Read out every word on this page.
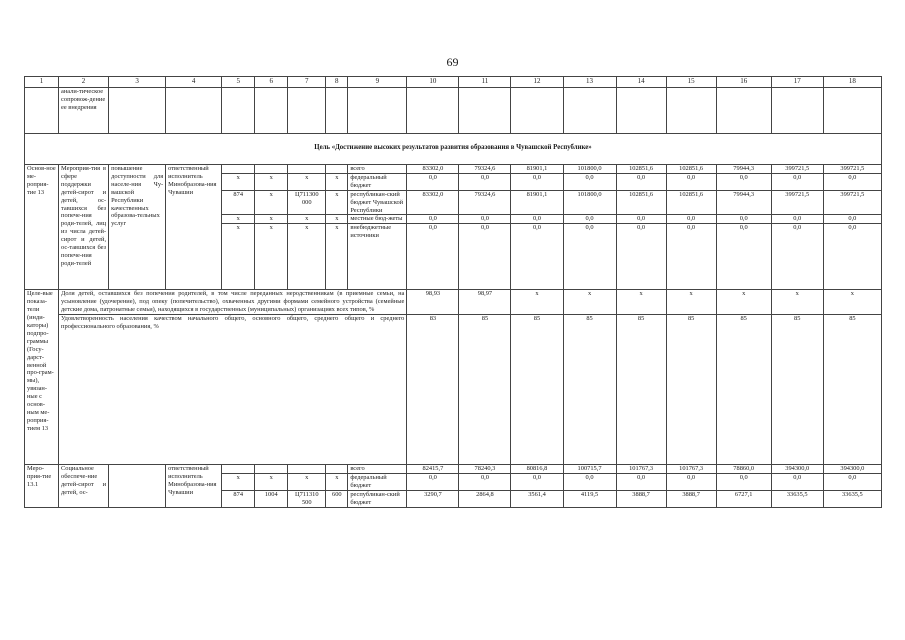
69
1	2	3	4	5	6	7	8	9	10	11	12	13	14	15	16	17	18
	анали-тическое сопровож-дение ее внедрения																
Цель «Достижение высоких результатов развития образования в Чувашской Республике»																	
Основ-ное ме-роприя-тие 13	Мероприя-тия в сфере поддержки детей-сирот и детей, ос-тавшихся без попече-ния роди-телей, лиц из числа детей-сирот и детей, ос-тавшихся без попече-ния роди-телей	повышение доступности для населе-ния Чу-вашской Республики качественных образова-тельных услуг	ответственный исполнитель Минобразова-ния Чувашии					всего	83302,0	79324,6	81901,1	101800,0	102851,6	102851,6	79944,3	399721,5	399721,5
				x	x	x	x	федеральный бюджет	0,0	0,0	0,0	0,0	0,0	0,0	0,0	0,0	0,0
				874	x	Ц711300 000	x	республикан-ский бюджет Чувашской Республики	83302,0	79324,6	81901,1	101800,0	102851,6	102851,6	79944,3	399721,5	399721,5
				x	x	x	x	местные бюд-жеты	0,0	0,0	0,0	0,0	0,0	0,0	0,0	0,0	0,0
				x	x	x	x	внебюджетные источники	0,0	0,0	0,0	0,0	0,0	0,0	0,0	0,0	0,0
Целе-вые показа-тели (инди-каторы) подпро-граммы (Госу-дарст-венной про-грам-мы), увязан-ные с основ-ным ме-роприя-тием 13	Доля детей, оставшихся без попечения родителей, в том числе переданных неродственникам (в приемные семьи, на усыновление (удочерение), под опеку (попечительство), охваченных другими формами семейного устройства (семейные детские дома, патронатные семьи), находящихся в государственных (муниципальных) организациях всех типов, %								98,93	98,97	x	x	x	x	x	x	x
	Удовлетворенность населения качеством начального общего, основного общего, среднего общего и среднего профессионального образования, %								83	85	85	85	85	85	85	85	85
Меро-прия-тие 13.1	Социальное обеспече-ние детей-сирот и детей, ос-		ответственный исполнитель Минобразова-ния Чувашии					всего	82415,7	78240,3	80816,8	100715,7	101767,3	101767,3	78860,0	394300,0	394300,0
				x	x	x	x	федеральный бюджет	0,0	0,0	0,0	0,0	0,0	0,0	0,0	0,0	0,0
				874	1004	Ц711310 500	600	республикан-ский бюджет	3290,7	2864,8	3561,4	4119,5	3888,7	3888,7	6727,1	33635,5	33635,5
